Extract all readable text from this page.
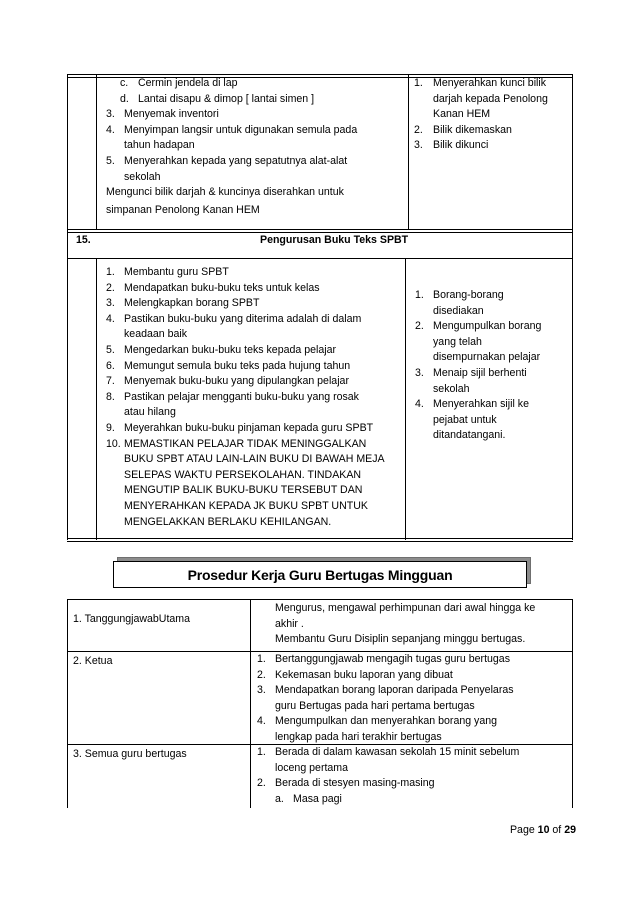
c. Cermin jendela di lap
d. Lantai disapu & dimop [ lantai simen ]
3. Menyemak inventori
4. Menyimpan langsir untuk digunakan semula pada
tahun hadapan
5. Menyerahkan kepada yang sepatutnya alat-alat
sekolah
Mengunci bilik darjah & kuncinya diserahkan untuk
simpanan Penolong Kanan HEM
1. Menyerahkan kunci bilik
darjah kepada Penolong
Kanan HEM
2. Bilik dikemaskan
3. Bilik dikunci
15.	Pengurusan Buku Teks SPBT
1. Membantu guru SPBT
2. Mendapatkan buku-buku teks untuk kelas
3. Melengkapkan borang SPBT
4. Pastikan buku-buku yang diterima adalah di dalam
keadaan baik
5. Mengedarkan buku-buku teks kepada pelajar
6. Memungut semula buku teks pada hujung tahun
7. Menyemak buku-buku yang dipulangkan pelajar
8. Pastikan pelajar mengganti buku-buku yang rosak
atau hilang
9. Meyerahkan buku-buku pinjaman kepada guru SPBT
10. MEMASTIKAN PELAJAR TIDAK MENINGGALKAN
BUKU SPBT ATAU LAIN-LAIN BUKU DI BAWAH MEJA
SELEPAS WAKTU PERSEKOLAHAN. TINDAKAN
MENGUTIP BALIK BUKU-BUKU TERSEBUT DAN
MENYERAHKAN KEPADA JK BUKU SPBT UNTUK
MENGELAKKAN BERLAKU KEHILANGAN.
1. Borang-borang
disediakan
2. Mengumpulkan borang
yang telah
disempurnakan pelajar
3. Menaip sijil berhenti
sekolah
4. Menyerahkan sijil ke
pejabat untuk
ditandatangani.
Prosedur Kerja Guru Bertugas Mingguan
1. TanggungjawabUtama
2. Ketua
3. Semua guru bertugas
Mengurus, mengawal perhimpunan dari awal hingga ke
akhir .
Membantu Guru Disiplin sepanjang minggu bertugas.
1. Bertanggungjawab mengagih tugas guru bertugas
2. Kekemasan buku laporan yang dibuat
3. Mendapatkan borang laporan daripada Penyelaras
guru Bertugas pada hari pertama bertugas
4. Mengumpulkan dan menyerahkan borang yang
lengkap pada hari terakhir bertugas
1. Berada di dalam kawasan sekolah 15 minit sebelum
loceng pertama
2. Berada di stesyen masing-masing
a. Masa pagi
Page 10 of 29
